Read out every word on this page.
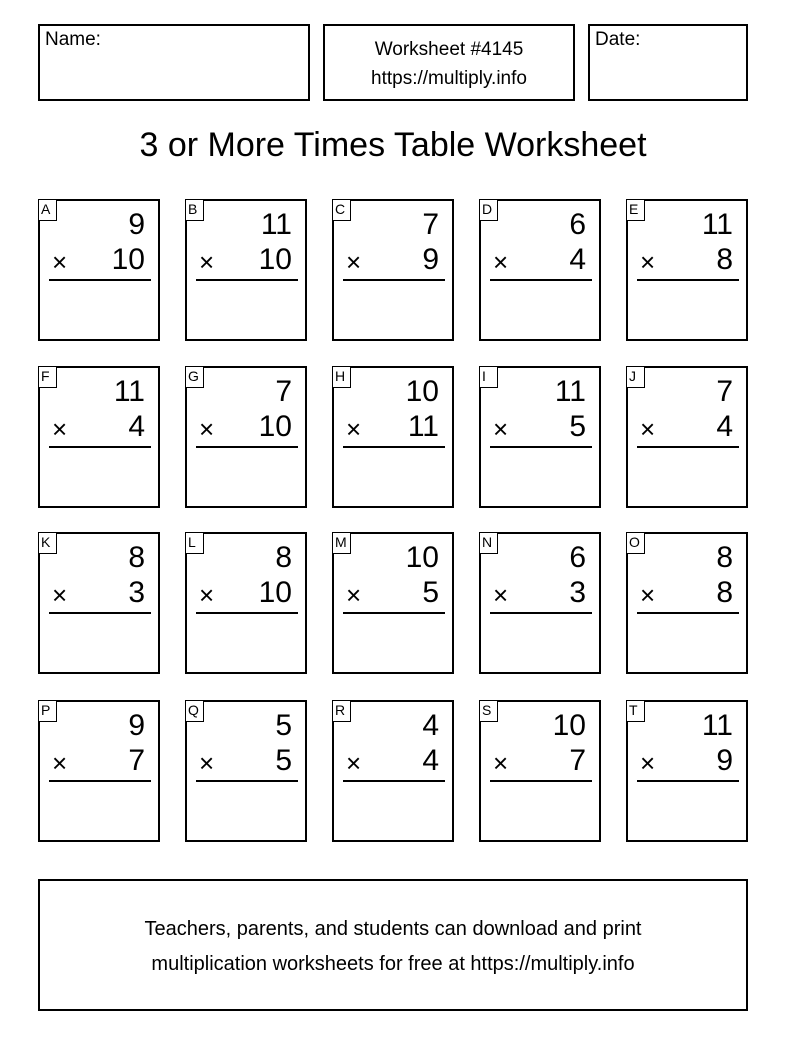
Name:	Worksheet #4145
https://multiply.info
Date:
3 or More Times Table Worksheet
A	9
× 10
B 11
× 10
C	7
× 9
D	6
× 4
E 11
× 8
F 11
× 4
G	7
× 10
H 10
× 11
I	11
× 5
J	7
× 4
K	8
× 3
L	8
× 10
M 10
× 5
N	6
× 3
O	8
× 8
P	9
× 7
Q	5
× 5
R	4
× 4
S 10
× 7
T 11
× 9
Teachers, parents, and students can download and print
multiplication worksheets for free at https://multiply.info
